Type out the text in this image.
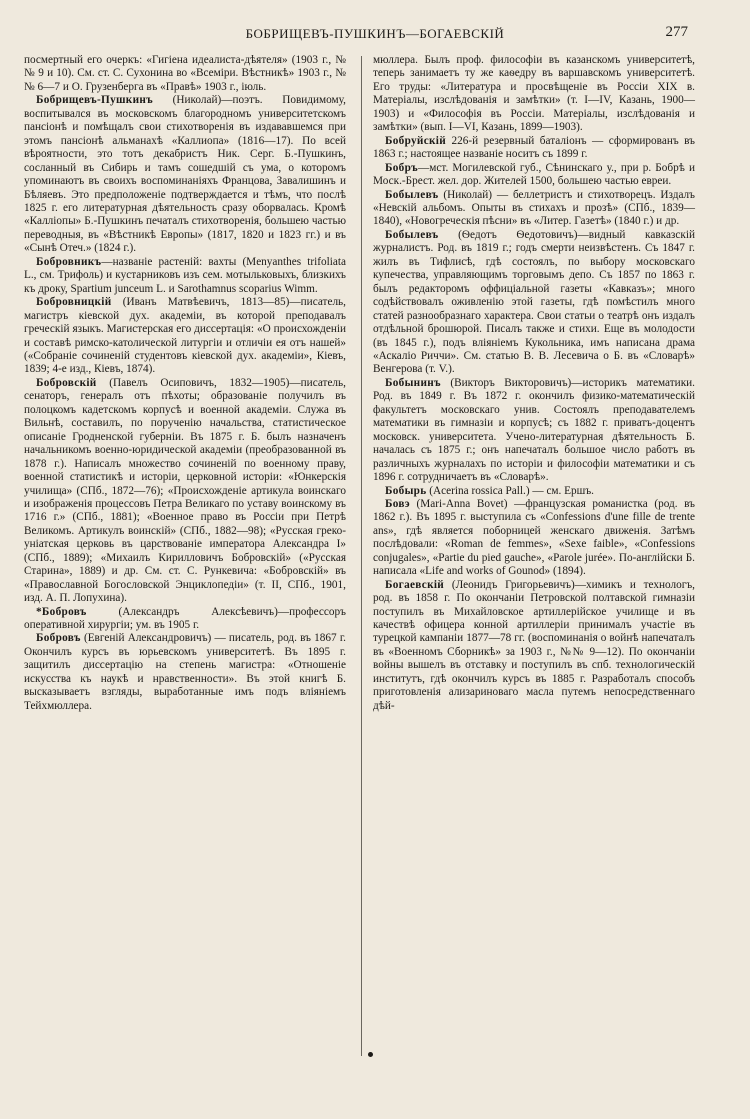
БОБРИЩЕВЪ-ПУШКИНЪ—БОГАЕВСКІЙ	277

посмертный его очеркъ: «Гигіена идеалиста-дѣятеля» (1903 г., №№ 9 и 10). См. ст. С. Сухонина во «Всеміри. Вѣстникѣ» 1903 г., №№ 6—7 и О. Грузенберга въ «Правѣ» 1903 г., іюль.

Бобрищевъ-Пушкинъ (Николай)—поэтъ. Повидимому, воспитывался въ московскомъ благородномъ университетскомъ пансіонѣ и помѣщалъ свои стихотворенія въ издававшемся при этомъ пансіонѣ альманахѣ «Каллиопа» (1816—17). По всей вѣроятности, это тотъ декабристъ Ник. Серг. Б.-Пушкинъ, сосланный въ Сибирь и тамъ сошедшій съ ума, о которомъ упоминаютъ въ своихъ воспоминаніяхъ Францова, Завалишинъ и Бѣляевъ. Это предположеніе подтверждается и тѣмъ, что послѣ 1825 г. его литературная дѣятельность сразу оборвалась. Кромѣ «Калліопы» Б.-Пушкинъ печаталъ стихотворенія, большею частью переводныя, въ «Вѣстникѣ Европы» (1817, 1820 и 1823 гг.) и въ «Сынѣ Отеч.» (1824 г.).

Бобровникъ—названіе растеній: вахты (Menyanthes trifoliata L., см. Трифоль) и кустарниковъ изъ сем. мотыльковыхъ, близкихъ къ дроку, Spartium junceum L. и Sarothamnus scoparius Wimm.

Бобровницкій (Иванъ Матвѣевичъ, 1813—85)—писатель, магистръ кіевской дух. академіи, въ которой преподавалъ греческій языкъ. Магистерская его диссертація: «О происхожденіи и составѣ римско-католической литургіи и отличіи ея отъ нашей» («Собраніе сочиненій студентовъ кіевской дух. академіи», Кіевъ, 1839; 4-е изд., Кіевъ, 1874).

Бобровскій (Павелъ Осиповичъ, 1832—1905)—писатель, сенаторъ, генералъ отъ пѣхоты; образованіе получилъ въ полоцкомъ кадетскомъ корпусѣ и военной академіи. Служа въ Вильнѣ, составилъ, по порученію начальства, статистическое описаніе Гродненской губерніи. Въ 1875 г. Б. былъ назначенъ начальникомъ военно-юридической академіи (преобразованной въ 1878 г.). Написалъ множество сочиненій по военному праву, военной статистикѣ и исторіи, церковной исторіи: «Юнкерскія училища» (СПб., 1872—76); «Происхожденіе артикула воинскаго и изображенія процессовъ Петра Великаго по уставу воинскому въ 1716 г.» (СПб., 1881); «Военное право въ Россіи при Петрѣ Великомъ. Артикулъ воинскій» (СПб., 1882—98); «Русская греко-уніатская церковь въ царствованіе императора Александра I» (СПб., 1889); «Михаилъ Кирилловичъ Бобровскій» («Русская Старина», 1889) и др. См. ст. С. Рункевича: «Бобровскій» въ «Православной Богословской Энциклопедіи» (т. II, СПб., 1901, изд. А. П. Лопухина).

*Бобровъ (Александръ Алексѣевичъ)—профессоръ оперативной хирургіи; ум. въ 1905 г.

Бобровъ (Евгеній Александровичъ) — писатель, род. въ 1867 г. Окончилъ курсъ въ юрьевскомъ университетѣ. Въ 1895 г. защитилъ диссертацію на степень магистра: «Отношеніе искусства къ наукѣ и нравственности». Въ этой книгѣ Б. высказываетъ взгляды, выработанные имъ подъ вліяніемъ Тейхмюллера.

мюллера. Былъ проф. философіи въ казанскомъ университетѣ, теперь занимаетъ ту же каѳедру въ варшавскомъ университетѣ. Его труды: «Литература и просвѣщеніе въ Россіи XIX в. Матеріалы, изслѣдованія и замѣтки» (т. I—IV, Казань, 1900—1903) и «Философія въ Россіи. Матеріалы, изслѣдованія и замѣтки» (вып. I—VI, Казань, 1899—1903).

Бобруйскій 226-й резервный баталіонъ — сформированъ въ 1863 г.; настоящее названіе носитъ съ 1899 г.

Бобръ—мст. Могилевской губ., Сѣнинскаго у., при р. Бобрѣ и Моск.-Брест. жел. дор. Жителей 1500, большею частью евреи.

Бобылевъ (Николай) — беллетристъ и стихотворецъ. Издалъ «Невскій альбомъ. Опыты въ стихахъ и прозѣ» (СПб., 1839—1840), «Новогреческія пѣсни» въ «Литер. Газетѣ» (1840 г.) и др.

Бобылевъ (Ѳедотъ Ѳедотовичъ)—видный кавказскій журналистъ. Род. въ 1819 г.; годъ смерти неизвѣстенъ. Съ 1847 г. жилъ въ Тифлисѣ, гдѣ состоялъ, по выбору московскаго купечества, управляющимъ торговымъ депо. Съ 1857 по 1863 г. былъ редакторомъ оффиціальной газеты «Кавказъ»; много содѣйствовалъ оживленію этой газеты, гдѣ помѣстилъ много статей разнообразнаго характера. Свои статьи о театрѣ онъ издалъ отдѣльной брошюрой. Писалъ также и стихи. Еще въ молодости (въ 1845 г.), подъ вліяніемъ Кукольника, имъ написана драма «Аскаліо Риччи». См. статью В. В. Лесевича о Б. въ «Словарѣ» Венгерова (т. V.).

Бобынинъ (Викторъ Викторовичъ)—историкъ математики. Род. въ 1849 г. Въ 1872 г. окончилъ физико-математическій факультетъ московскаго унив. Состоялъ преподавателемъ математики въ гимназіи и корпусѣ; съ 1882 г. приватъ-доцентъ московск. университета. Учено-литературная дѣятельность Б. началась съ 1875 г.; онъ напечаталъ большое число работъ въ различныхъ журналахъ по исторіи и философіи математики и съ 1896 г. сотрудничаетъ въ «Словарѣ».

Бобырь (Acerina rossica Pall.) — см. Ершъ.

Бовэ (Mari-Anna Bovet) —французская романистка (род. въ 1862 г.). Въ 1895 г. выступила съ «Confessions d'une fille de trente ans», гдѣ является поборницей женскаго движенія. Затѣмъ послѣдовали: «Roman de femmes», «Sexe faible», «Confessions conjugales», «Partie du pied gauche», «Parole jurée». По-англійски Б. написала «Life and works of Gounod» (1894).

Богаевскій (Леонидъ Григорьевичъ)—химикъ и технологъ, род. въ 1858 г. По окончаніи Петровской полтавской гимназіи поступилъ въ Михайловское артиллерійское училище и въ качествѣ офицера конной артиллеріи принималъ участіе въ турецкой кампаніи 1877—78 гг. (воспоминанія о войнѣ напечаталъ въ «Военномъ Сборникѣ» за 1903 г., №№ 9—12). По окончаніи войны вышелъ въ отставку и поступилъ въ спб. технологическій институтъ, гдѣ окончилъ курсъ въ 1885 г. Разработалъ способъ приготовленія ализариноваго масла путемъ непосредственнаго дѣй-
